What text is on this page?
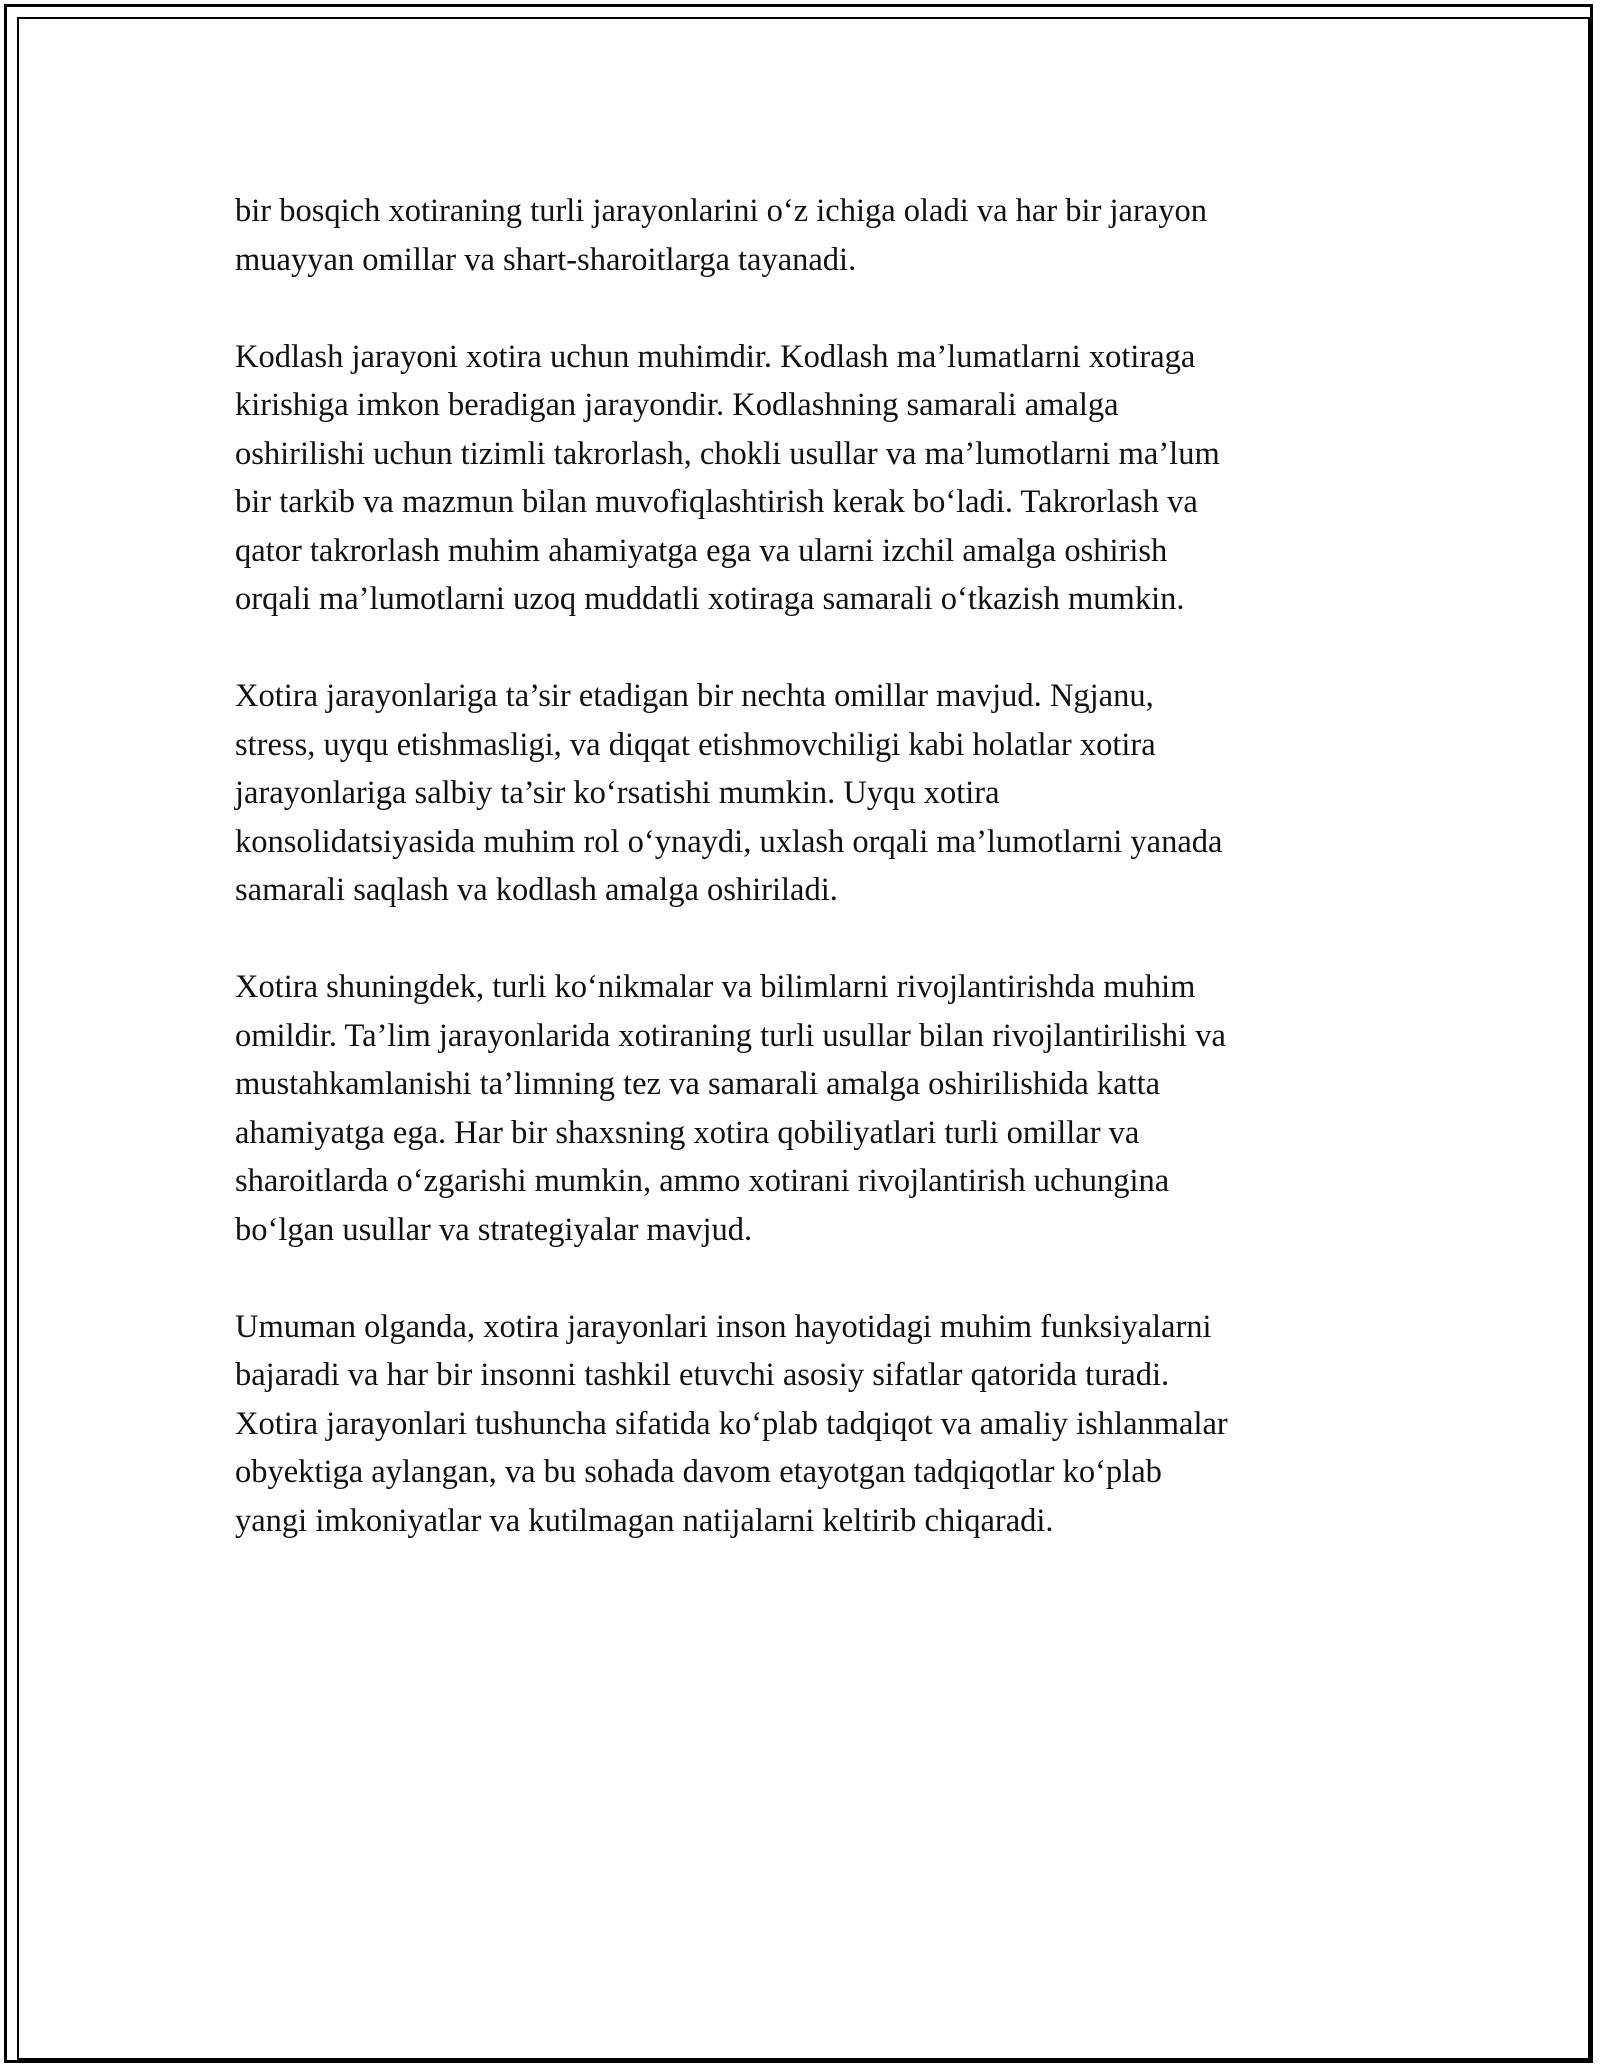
bir bosqich xotiraning turli jarayonlarini o‘z ichiga oladi va har bir jarayon
muayyan omillar va shart-sharoitlarga tayanadi.

Kodlash jarayoni xotira uchun muhimdir. Kodlash ma’lumatlarni xotiraga
kirishiga imkon beradigan jarayondir. Kodlashning samarali amalga
oshirilishi uchun tizimli takrorlash, chokli usullar va ma’lumotlarni ma’lum
bir tarkib va mazmun bilan muvofiqlashtirish kerak bo‘ladi. Takrorlash va
qator takrorlash muhim ahamiyatga ega va ularni izchil amalga oshirish
orqali ma’lumotlarni uzoq muddatli xotiraga samarali o‘tkazish mumkin.

Xotira jarayonlariga ta’sir etadigan bir nechta omillar mavjud. Ngjanu,
stress, uyqu etishmasligi, va diqqat etishmovchiligi kabi holatlar xotira
jarayonlariga salbiy ta’sir ko‘rsatishi mumkin. Uyqu xotira
konsolidatsiyasida muhim rol o‘ynaydi, uxlash orqali ma’lumotlarni yanada
samarali saqlash va kodlash amalga oshiriladi.

Xotira shuningdek, turli ko‘nikmalar va bilimlarni rivojlantirishda muhim
omildir. Ta’lim jarayonlarida xotiraning turli usullar bilan rivojlantirilishi va
mustahkamlanishi ta’limning tez va samarali amalga oshirilishida katta
ahamiyatga ega. Har bir shaxsning xotira qobiliyatlari turli omillar va
sharoitlarda o‘zgarishi mumkin, ammo xotirani rivojlantirish uchungina
bo‘lgan usullar va strategiyalar mavjud.

Umuman olganda, xotira jarayonlari inson hayotidagi muhim funksiyalarni
bajaradi va har bir insonni tashkil etuvchi asosiy sifatlar qatorida turadi.
Xotira jarayonlari tushuncha sifatida ko‘plab tadqiqot va amaliy ishlanmalar
obyektiga aylangan, va bu sohada davom etayotgan tadqiqotlar ko‘plab
yangi imkoniyatlar va kutilmagan natijalarni keltirib chiqaradi.
